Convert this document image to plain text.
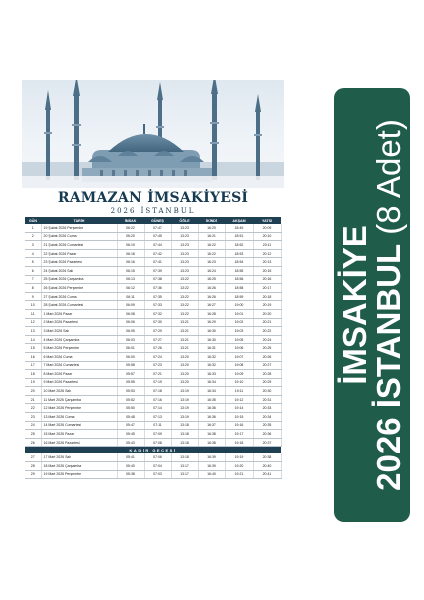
RAMAZAN İMSAKİYESİ
2026 İSTANBUL
GÜN	TARİH	İMSAK	GÜNEŞ	ÖĞLE	İKİNDİ	AKŞAM	YATSI
1	19 Şubat 2026 Perşembe	06:22	07:47	13:23	16:20	18:49	20:09
2	20 Şubat 2026 Cuma	06:20	07:45	13:23	16:21	18:51	20:10
3	21 Şubat 2026 Cumartesi	06:19	07:44	13:23	16:22	18:52	20:11
4	22 Şubat 2026 Pazar	06:18	07:42	13:23	16:22	18:53	20:12
5	23 Şubat 2026 Pazartesi	06:16	07:41	13:23	16:23	18:54	20:13
6	24 Şubat 2026 Salı	06:15	07:39	13:23	16:24	18:55	20:15
7	25 Şubat 2026 Çarşamba	06:13	07:38	13:22	16:25	18:56	20:16
8	26 Şubat 2026 Perşembe	06:12	07:36	13:22	16:26	18:58	20:17
9	27 Şubat 2026 Cuma	06:11	07:35	13:22	16:26	18:59	20:18
10	28 Şubat 2026 Cumartesi	06:09	07:33	13:22	16:27	19:00	20:19
11	1 Mart 2026 Pazar	06:08	07:32	13:22	16:28	19:01	20:20
12	2 Mart 2026 Pazartesi	06:06	07:30	13:21	16:29	19:02	20:21
13	3 Mart 2026 Salı	06:05	07:29	13:21	16:30	19:03	20:22
14	4 Mart 2026 Çarşamba	06:03	07:27	13:21	16:30	19:05	20:24
15	5 Mart 2026 Perşembe	06:01	07:26	13:21	16:31	19:06	20:25
16	6 Mart 2026 Cuma	06:00	07:24	13:20	16:32	19:07	20:26
17	7 Mart 2026 Cumartesi	05:58	07:23	13:20	16:32	19:08	20:27
18	8 Mart 2026 Pazar	05:57	07:21	13:20	16:33	19:09	20:28
19	9 Mart 2026 Pazartesi	05:55	07:19	13:20	16:34	19:10	20:29
20	10 Mart 2026 Salı	05:53	07:18	13:19	16:34	19:11	20:30
21	11 Mart 2026 Çarşamba	05:52	07:16	13:19	16:35	19:12	20:31
22	12 Mart 2026 Perşembe	05:50	07:14	13:19	16:36	19:14	20:33
23	13 Mart 2026 Cuma	05:48	07:13	13:19	16:36	19:15	20:34
24	14 Mart 2026 Cumartesi	05:47	07:11	13:18	16:37	19:16	20:35
25	15 Mart 2026 Pazar	05:45	07:09	13:18	16:38	19:17	20:36
26	16 Mart 2026 Pazartesi	05:43	07:08	13:18	16:38	19:18	20:37
KADİR GECESİ							
27	17 Mart 2026 Salı	05:41	07:06	13:18	16:39	19:19	20:38
28	18 Mart 2026 Çarşamba	05:40	07:04	13:17	16:39	19:20	20:40
29	19 Mart 2026 Perşembe	05:38	07:03	13:17	16:40	19:21	20:41
İMSAKİYE
2026 İSTANBUL (8 Adet)
